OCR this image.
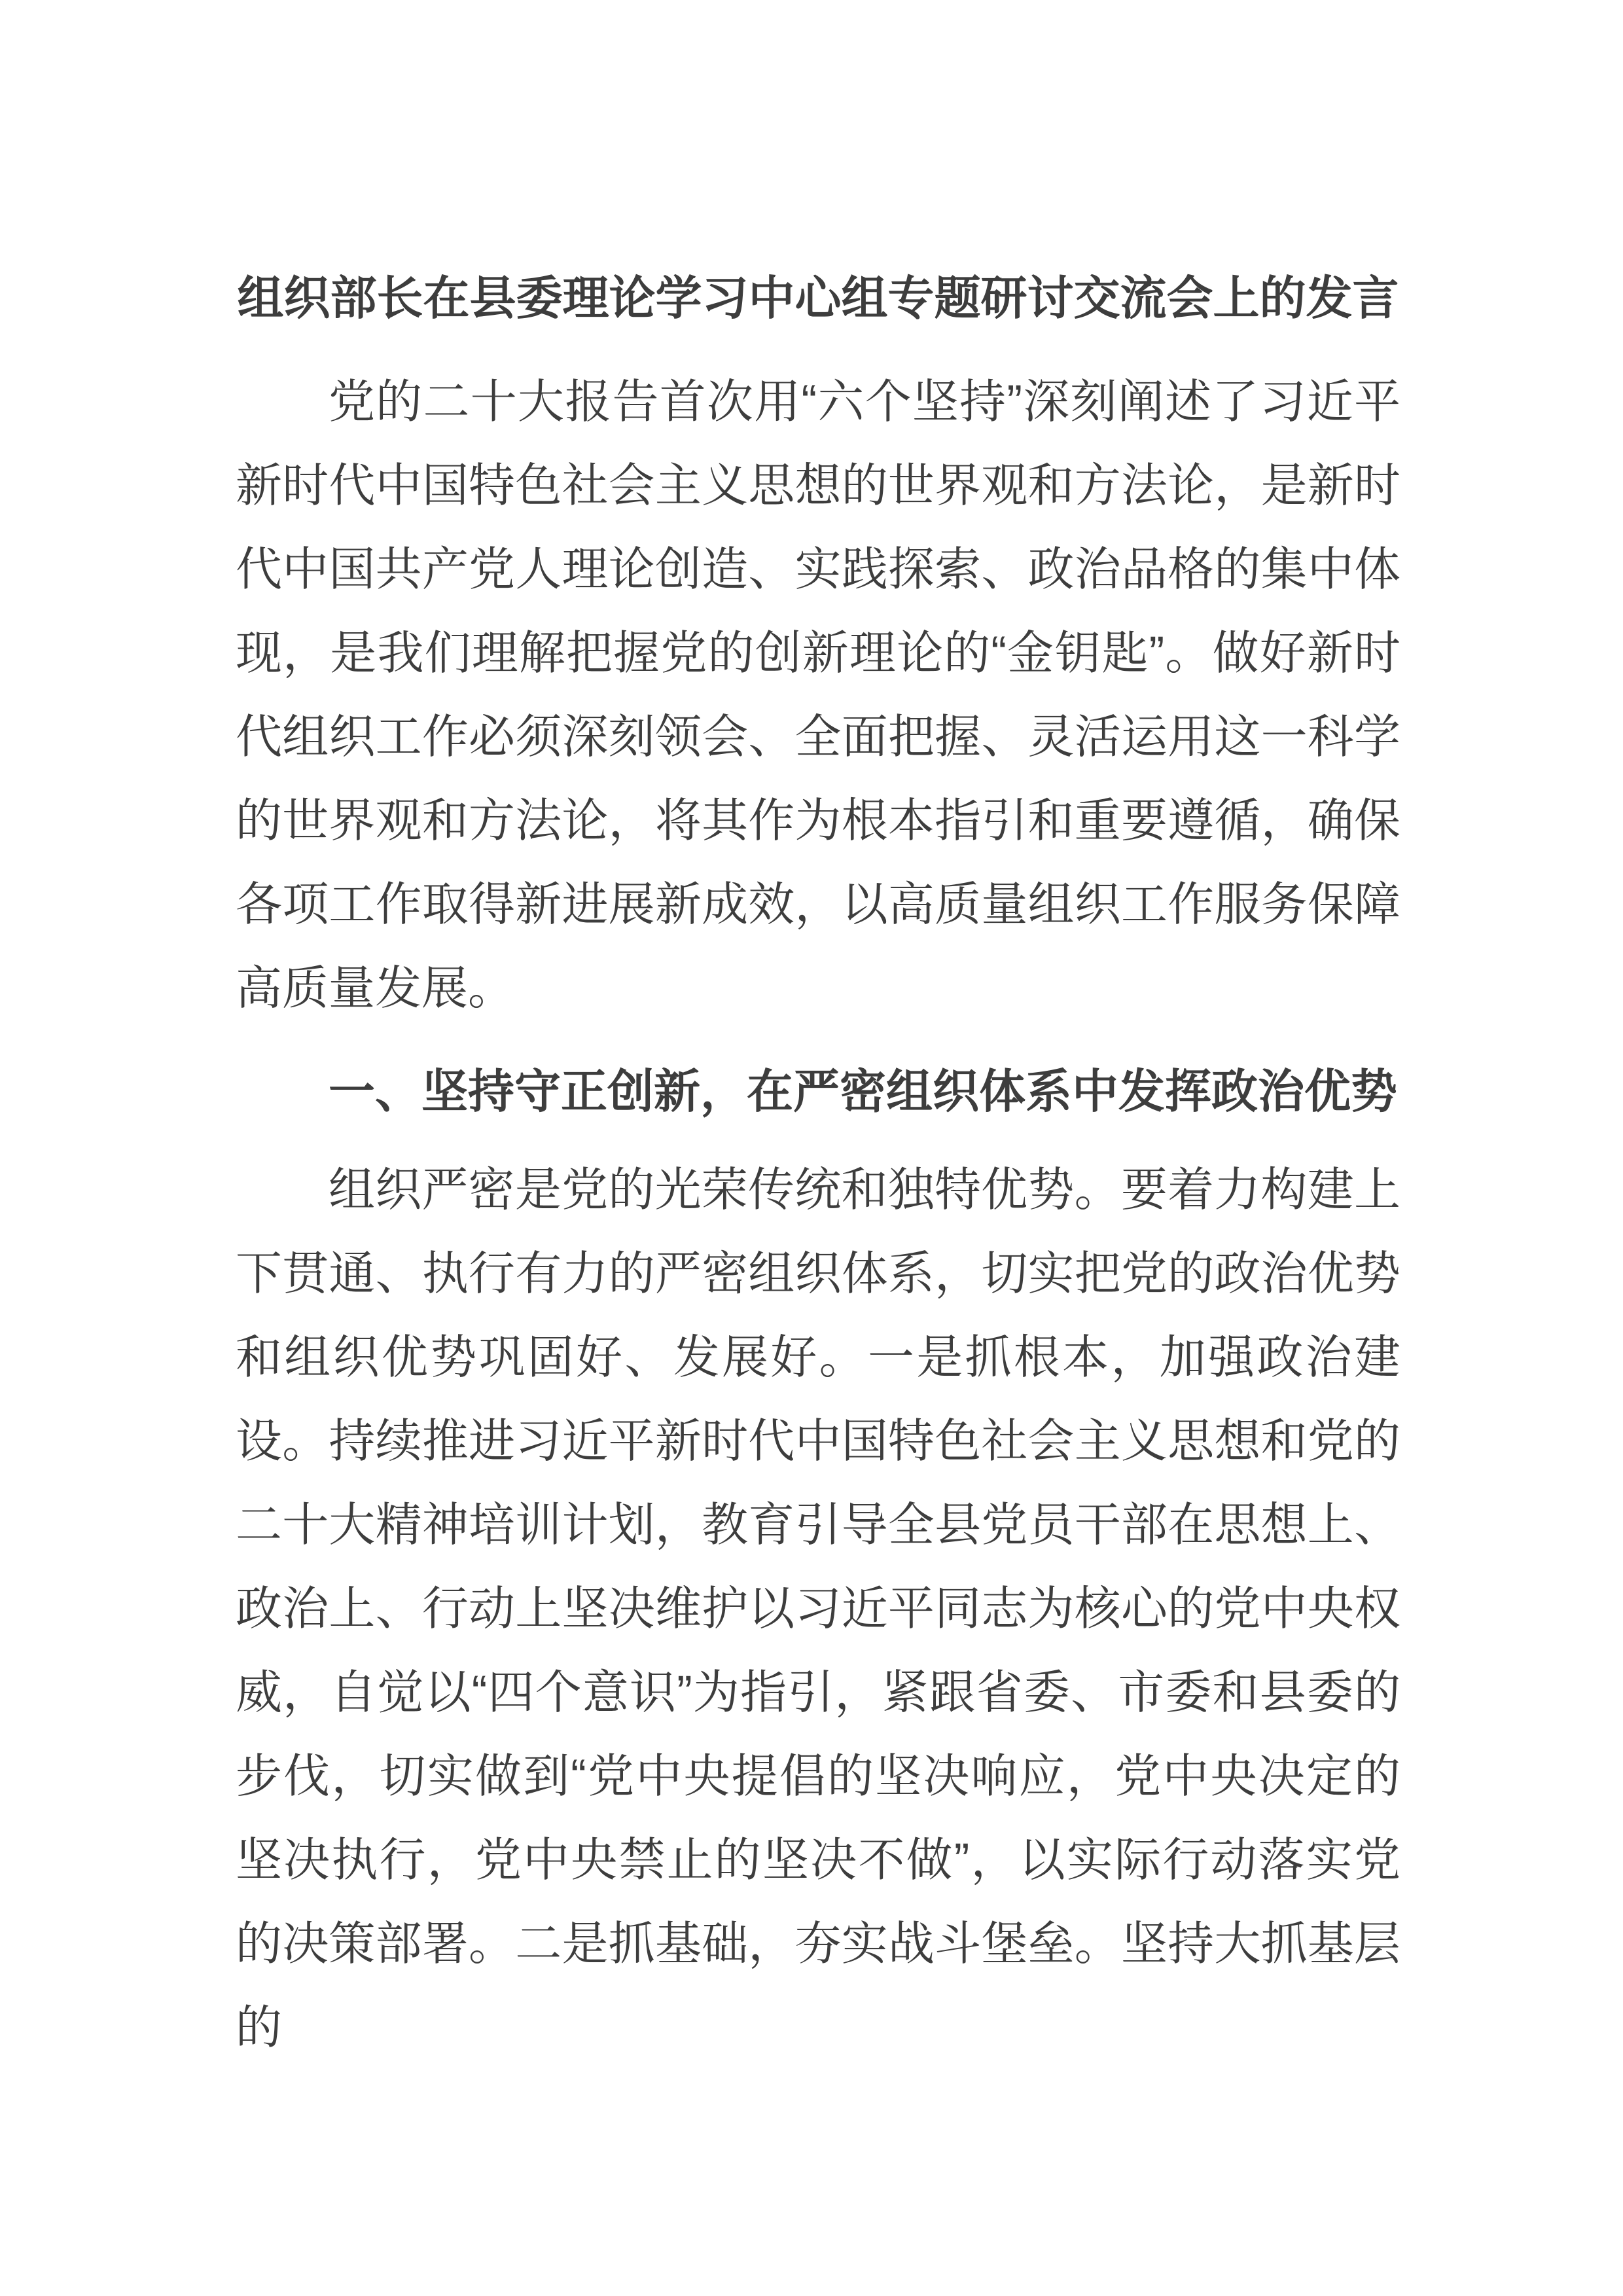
组织部长在县委理论学习中心组专题研讨交流会上的发言

党的二十大报告首次用“六个坚持”深刻阐述了习近平新时代中国特色社会主义思想的世界观和方法论，是新时代中国共产党人理论创造、实践探索、政治品格的集中体现，是我们理解把握党的创新理论的“金钥匙”。做好新时代组织工作必须深刻领会、全面把握、灵活运用这一科学的世界观和方法论，将其作为根本指引和重要遵循，确保各项工作取得新进展新成效，以高质量组织工作服务保障高质量发展。

一、坚持守正创新，在严密组织体系中发挥政治优势

组织严密是党的光荣传统和独特优势。要着力构建上下贯通、执行有力的严密组织体系，切实把党的政治优势和组织优势巩固好、发展好。一是抓根本，加强政治建设。持续推进习近平新时代中国特色社会主义思想和党的二十大精神培训计划，教育引导全县党员干部在思想上、政治上、行动上坚决维护以习近平同志为核心的党中央权威，自觉以“四个意识”为指引，紧跟省委、市委和县委的步伐，切实做到“党中央提倡的坚决响应，党中央决定的坚决执行，党中央禁止的坚决不做”，以实际行动落实党的决策部署。二是抓基础，夯实战斗堡垒。坚持大抓基层的
